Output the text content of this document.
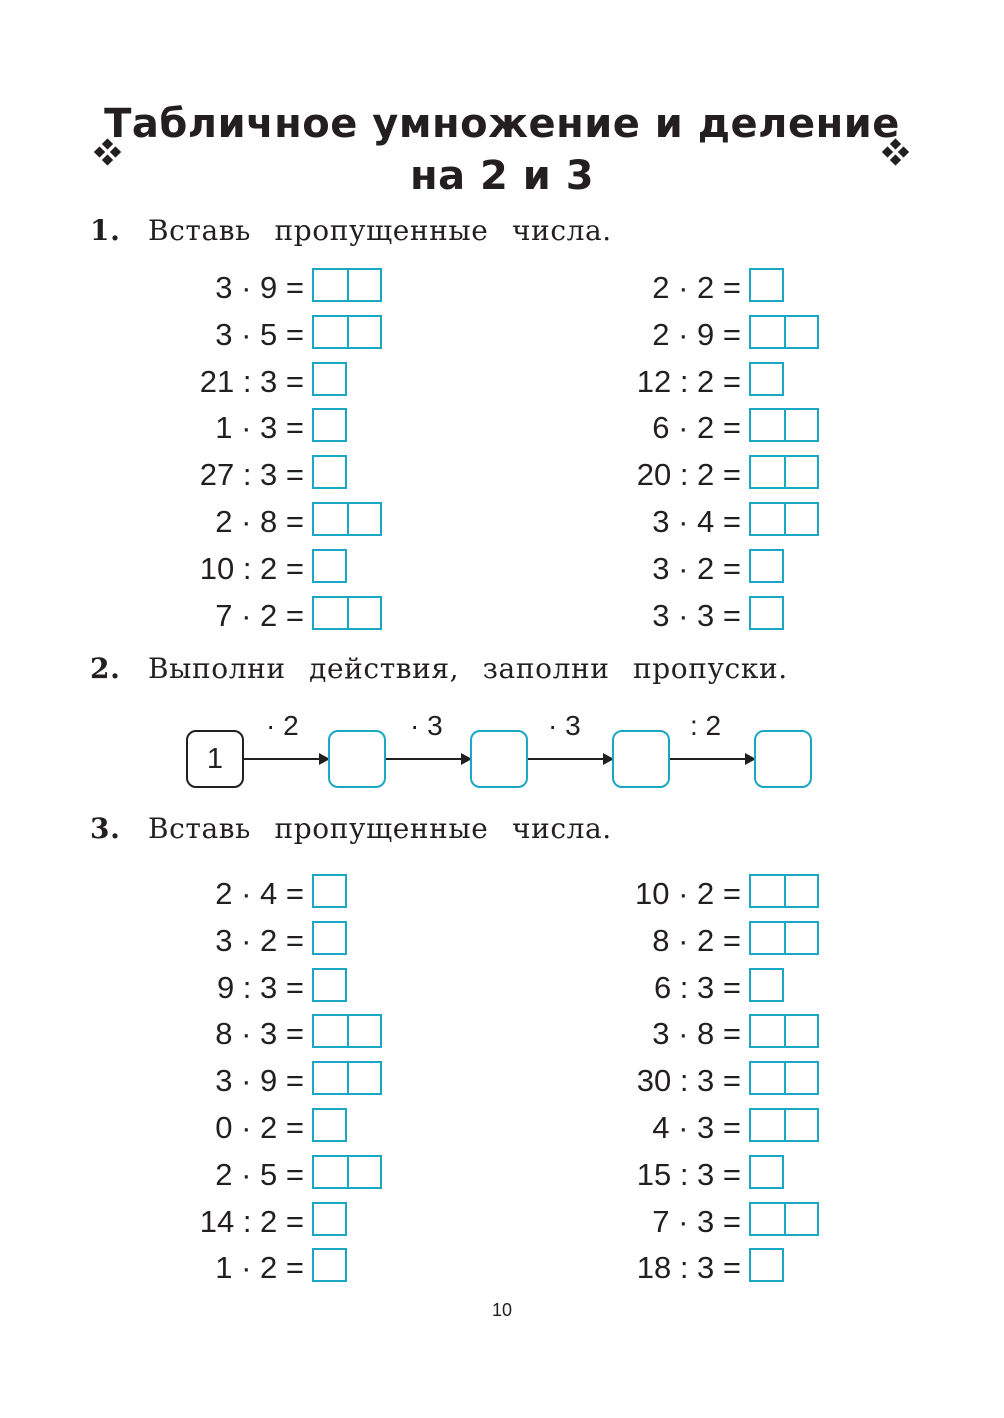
Табличное умножение и деление
на 2 и 3
1. Вставь пропущенные числа.
3 · 9 =
3 · 5 =
21 : 3 =
1 · 3 =
27 : 3 =
2 · 8 =
10 : 2 =
7 · 2 =
2 · 2 =
2 · 9 =
12 : 2 =
6 · 2 =
20 : 2 =
3 · 4 =
3 · 2 =
3 · 3 =
2. Выполни действия, заполни пропуски.
1
· 2	· 3	· 3	: 2
3. Вставь пропущенные числа.
2 · 4 =
3 · 2 =
9 : 3 =
8 · 3 =
3 · 9 =
0 · 2 =
2 · 5 =
14 : 2 =
1 · 2 =
10 · 2 =
8 · 2 =
6 : 3 =
3 · 8 =
30 : 3 =
4 · 3 =
15 : 3 =
7 · 3 =
18 : 3 =
10
